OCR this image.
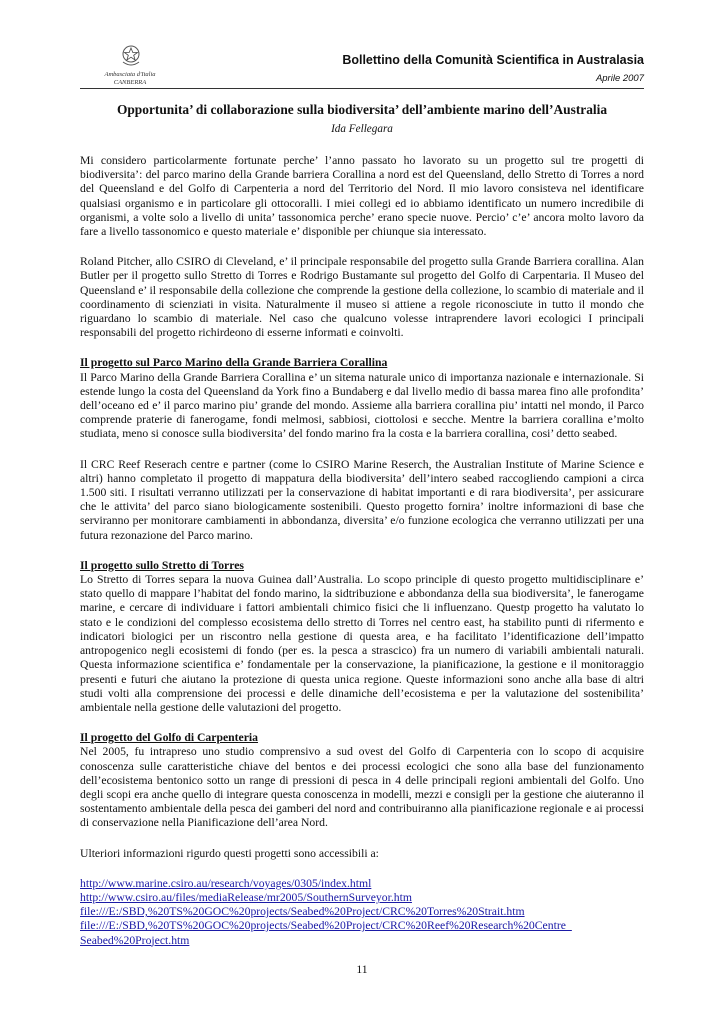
Ambasciata d'Italia
CANBERRA
Bollettino della Comunità Scientifica in Australasia
Aprile 2007
Opportunita’ di collaborazione sulla biodiversita’ dell’ambiente marino dell’Australia
Ida Fellegara

Mi considero particolarmente fortunate perche’ l’anno passato ho lavorato su un progetto sul tre progetti di biodiversita’: del parco marino della Grande barriera Corallina a nord est del Queensland, dello Stretto di Torres a nord del Queensland e del Golfo di Carpenteria a nord del Territorio del Nord. Il mio lavoro consisteva nel identificare qualsiasi organismo e in particolare gli ottocoralli. I miei collegi ed io abbiamo identificato un numero incredibile di organismi, a volte solo a livello di unita’ tassonomica perche’ erano specie nuove. Percio’ c’e’ ancora molto lavoro da fare a livello tassonomico e questo materiale e’ disponible per chiunque sia interessato.

Roland Pitcher, allo CSIRO di Cleveland, e’ il principale responsabile del progetto sulla Grande Barriera corallina. Alan Butler per il progetto sullo Stretto di Torres e Rodrigo Bustamante sul progetto del Golfo di Carpentaria. Il Museo del Queensland e’ il responsabile della collezione che comprende la gestione della collezione, lo scambio di materiale and il coordinamento di scienziati in visita. Naturalmente il museo si attiene a regole riconosciute in tutto il mondo che riguardano lo scambio di materiale. Nel caso che qualcuno volesse intraprendere lavori ecologici I principali responsabili del progetto richirdeono di esserne informati e coinvolti.

Il progetto sul Parco Marino della Grande Barriera Corallina
Il Parco Marino della Grande Barriera Corallina e’ un sitema naturale unico di importanza nazionale e internazionale. Si estende lungo la costa del Queensland da York fino a Bundaberg e dal livello medio di bassa marea fino alle profondita’ dell’oceano ed e’ il parco marino piu’ grande del mondo. Assieme alla barriera corallina piu’ intatti nel mondo, il Parco comprende praterie di fanerogame, fondi melmosi, sabbiosi, ciottolosi e secche. Mentre la barriera corallina e’molto studiata, meno si conosce sulla biodiversita’ del fondo marino fra la costa e la barriera corallina, cosi’ detto seabed.

Il CRC Reef Reserach centre e partner (come lo CSIRO Marine Reserch, the Australian Institute of Marine Science e altri) hanno completato il progetto di mappatura della biodiversita’ dell’intero seabed raccogliendo campioni a circa 1.500 siti. I risultati verranno utilizzati per la conservazione di habitat importanti e di rara biodiversita’, per assicurare che le attivita’ del parco siano biologicamente sostenibili. Questo progetto fornira’ inoltre informazioni di base che serviranno per monitorare cambiamenti in abbondanza, diversita’ e/o funzione ecologica che verranno utilizzati per una futura rezonazione del Parco marino.

Il progetto sullo Stretto di Torres
Lo Stretto di Torres separa la nuova Guinea dall’Australia. Lo scopo principle di questo progetto multidisciplinare e’ stato quello di mappare l’habitat del fondo marino, la sidtribuzione e abbondanza della sua biodiversita’, le fanerogame marine, e cercare di individuare i fattori ambientali chimico fisici che li influenzano. Questp progetto ha valutato lo stato e le condizioni del complesso ecosistema dello stretto di Torres nel centro east, ha stabilito punti di rifermento e indicatori biologici per un riscontro nella gestione di questa area, e ha facilitato l’identificazione dell’impatto antropogenico negli ecosistemi di fondo (per es. la pesca a strascico) fra un numero di variabili ambientali naturali. Questa informazione scientifica e’ fondamentale per la conservazione, la pianificazione, la gestione e il monitoraggio presenti e futuri che aiutano la protezione di questa unica regione. Queste informazioni sono anche alla base di altri studi volti alla comprensione dei processi e delle dinamiche dell’ecosistema e per la valutazione del sostenibilita’ ambientale nella gestione delle valutazioni del progetto.

Il progetto del Golfo di Carpenteria
Nel 2005, fu intrapreso uno studio comprensivo a sud ovest del Golfo di Carpenteria con lo scopo di acquisire conoscenza sulle caratteristiche chiave del bentos e dei processi ecologici che sono alla base del funzionamento dell’ecosistema bentonico sotto un range di pressioni di pesca in 4 delle principali regioni ambientali del Golfo. Uno degli scopi era anche quello di integrare questa conoscenza in modelli, mezzi e consigli per la gestione che aiuteranno il sostentamento ambientale della pesca dei gamberi del nord and contribuiranno alla pianificazione regionale e ai processi di conservazione nella Pianificazione dell’area Nord.

Ulteriori informazioni rigurdo questi progetti sono accessibili a:

http://www.marine.csiro.au/research/voyages/0305/index.html
http://www.csiro.au/files/mediaRelease/mr2005/SouthernSurveyor.htm
file:///E:/SBD,%20TS%20GOC%20projects/Seabed%20Project/CRC%20Torres%20Strait.htm
file:///E:/SBD,%20TS%20GOC%20projects/Seabed%20Project/CRC%20Reef%20Research%20Centre_
Seabed%20Project.htm
11
